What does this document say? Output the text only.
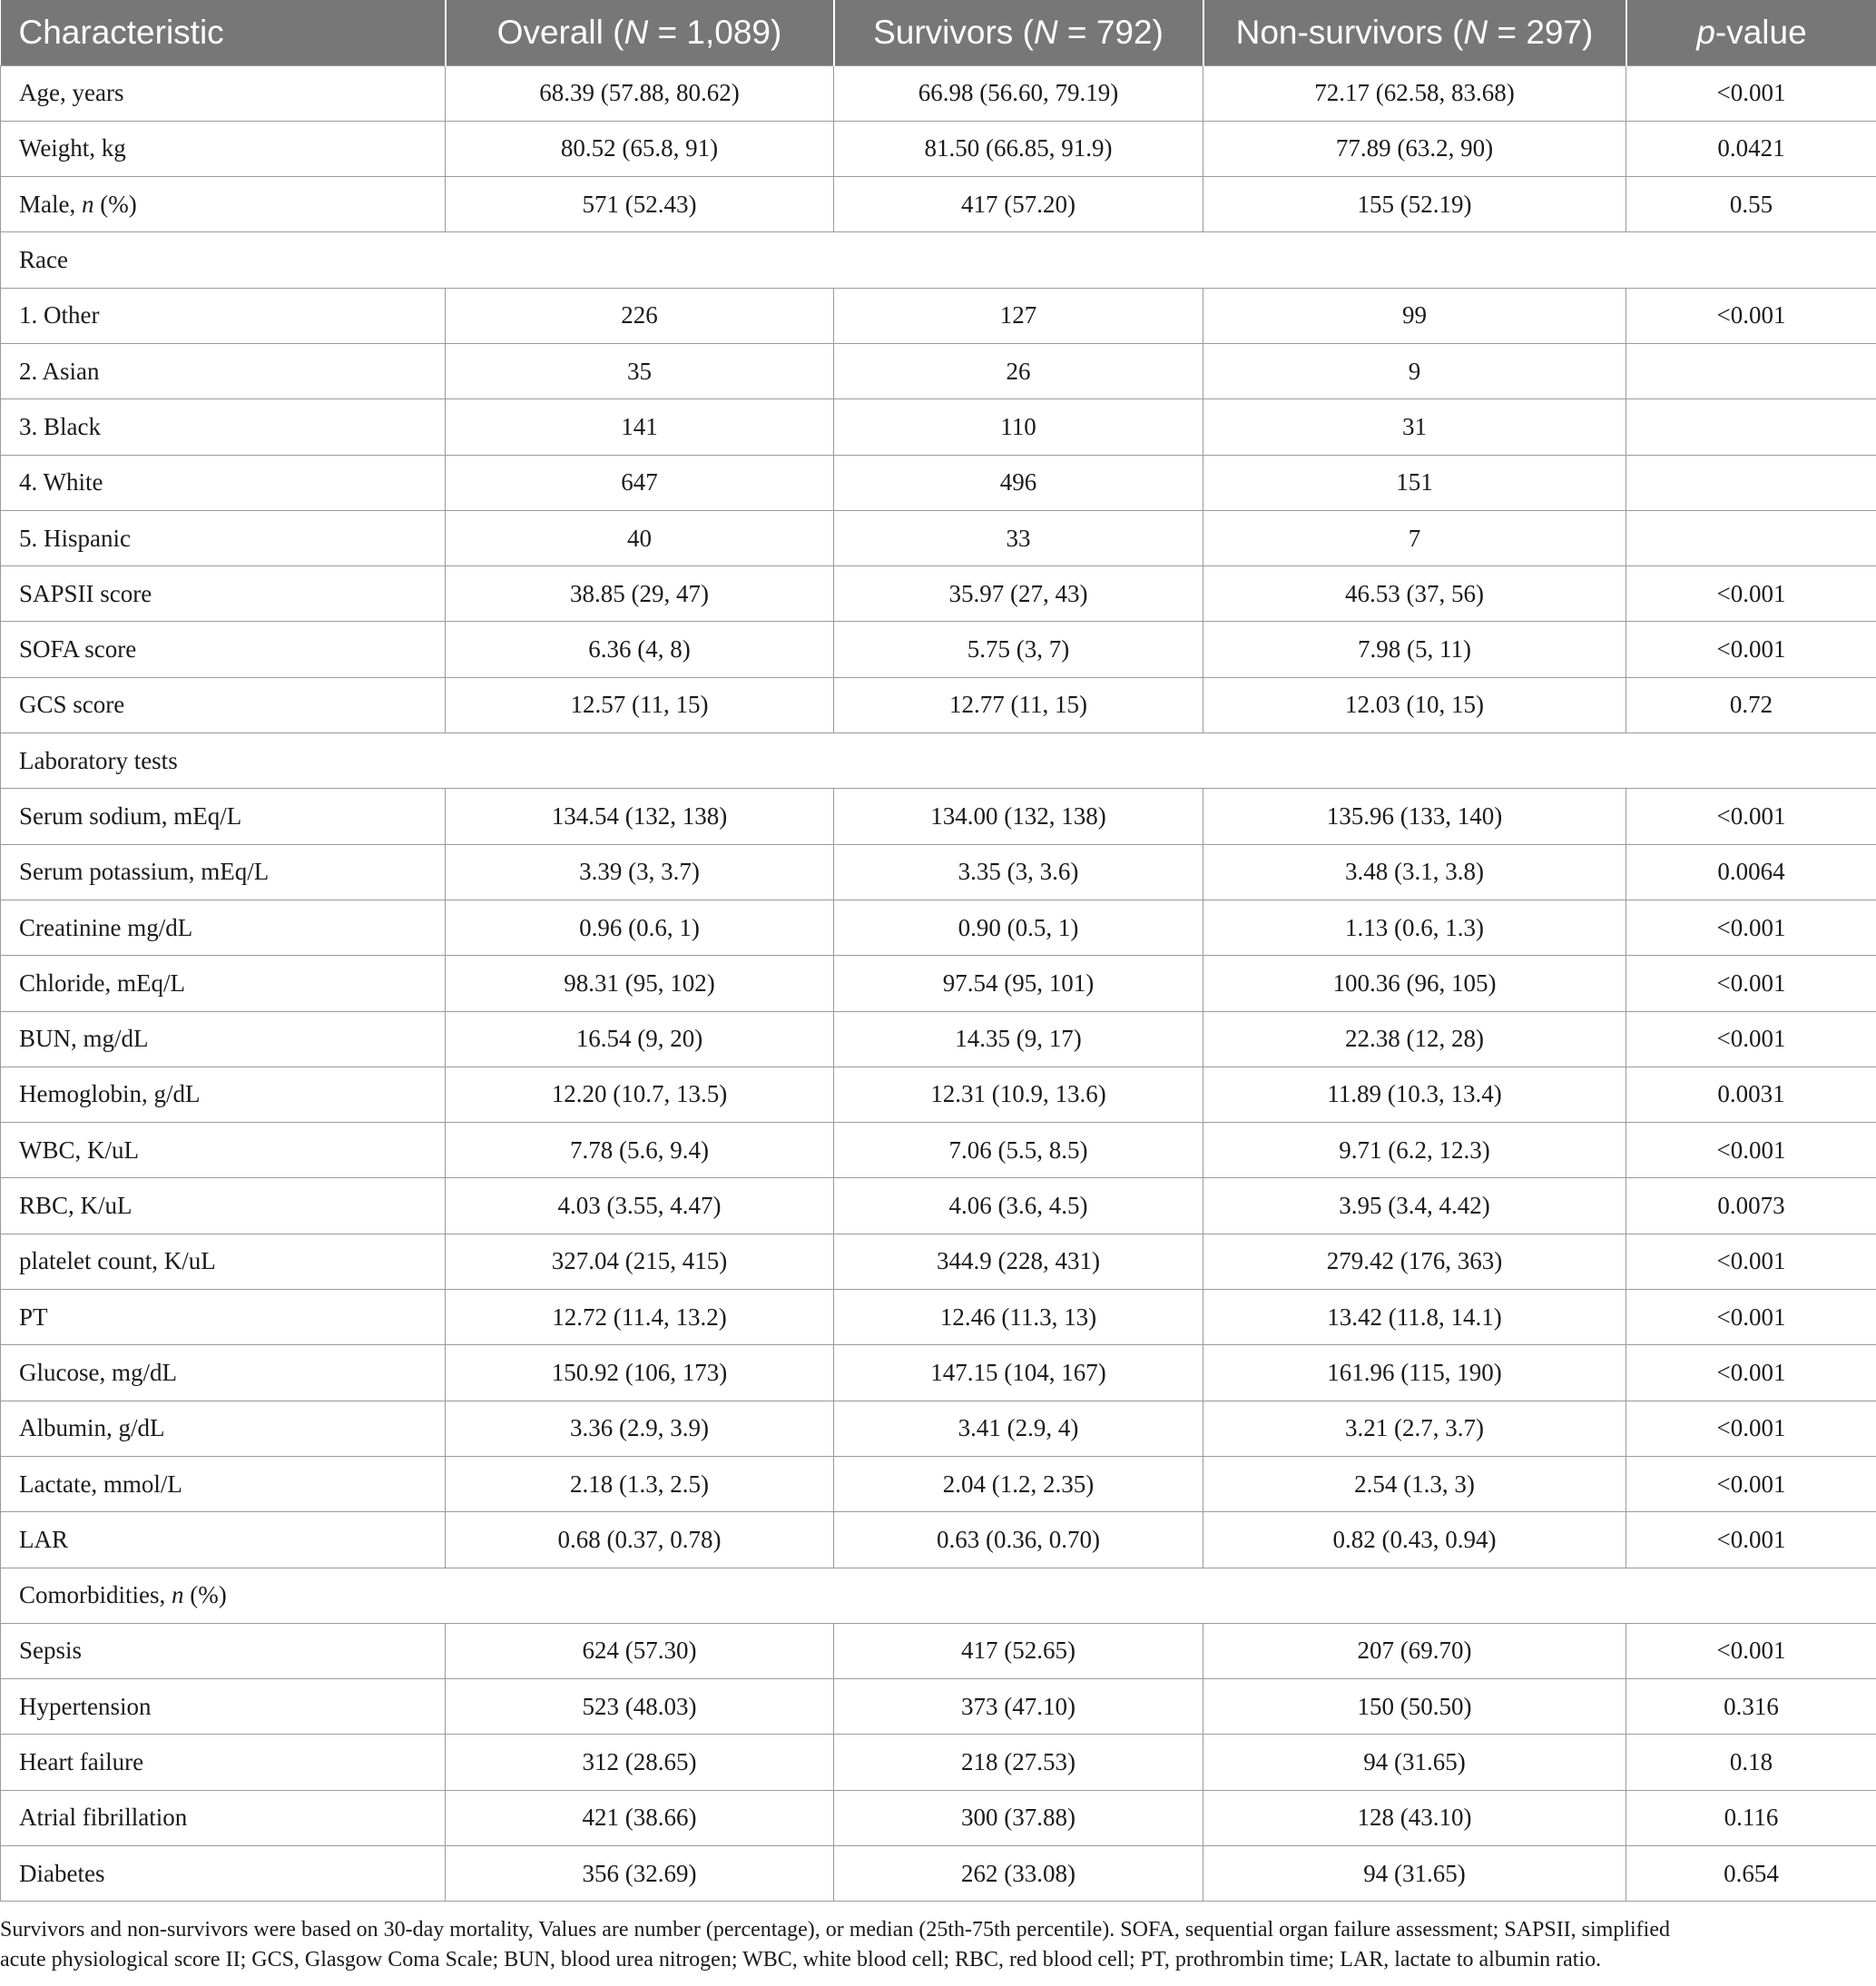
Characteristic	Overall (N = 1,089)	Survivors (N = 792)	Non-survivors (N = 297)	p-value
Age, years	68.39 (57.88, 80.62)	66.98 (56.60, 79.19)	72.17 (62.58, 83.68)	<0.001
Weight, kg	80.52 (65.8, 91)	81.50 (66.85, 91.9)	77.89 (63.2, 90)	0.0421
Male, n (%)	571 (52.43)	417 (57.20)	155 (52.19)	0.55
Race				
1. Other	226	127	99	<0.001
2. Asian	35	26	9	
3. Black	141	110	31	
4. White	647	496	151	
5. Hispanic	40	33	7	
SAPSII score	38.85 (29, 47)	35.97 (27, 43)	46.53 (37, 56)	<0.001
SOFA score	6.36 (4, 8)	5.75 (3, 7)	7.98 (5, 11)	<0.001
GCS score	12.57 (11, 15)	12.77 (11, 15)	12.03 (10, 15)	0.72
Laboratory tests				
Serum sodium, mEq/L	134.54 (132, 138)	134.00 (132, 138)	135.96 (133, 140)	<0.001
Serum potassium, mEq/L	3.39 (3, 3.7)	3.35 (3, 3.6)	3.48 (3.1, 3.8)	0.0064
Creatinine mg/dL	0.96 (0.6, 1)	0.90 (0.5, 1)	1.13 (0.6, 1.3)	<0.001
Chloride, mEq/L	98.31 (95, 102)	97.54 (95, 101)	100.36 (96, 105)	<0.001
BUN, mg/dL	16.54 (9, 20)	14.35 (9, 17)	22.38 (12, 28)	<0.001
Hemoglobin, g/dL	12.20 (10.7, 13.5)	12.31 (10.9, 13.6)	11.89 (10.3, 13.4)	0.0031
WBC, K/uL	7.78 (5.6, 9.4)	7.06 (5.5, 8.5)	9.71 (6.2, 12.3)	<0.001
RBC, K/uL	4.03 (3.55, 4.47)	4.06 (3.6, 4.5)	3.95 (3.4, 4.42)	0.0073
platelet count, K/uL	327.04 (215, 415)	344.9 (228, 431)	279.42 (176, 363)	<0.001
PT	12.72 (11.4, 13.2)	12.46 (11.3, 13)	13.42 (11.8, 14.1)	<0.001
Glucose, mg/dL	150.92 (106, 173)	147.15 (104, 167)	161.96 (115, 190)	<0.001
Albumin, g/dL	3.36 (2.9, 3.9)	3.41 (2.9, 4)	3.21 (2.7, 3.7)	<0.001
Lactate, mmol/L	2.18 (1.3, 2.5)	2.04 (1.2, 2.35)	2.54 (1.3, 3)	<0.001
LAR	0.68 (0.37, 0.78)	0.63 (0.36, 0.70)	0.82 (0.43, 0.94)	<0.001
Comorbidities, n (%)				
Sepsis	624 (57.30)	417 (52.65)	207 (69.70)	<0.001
Hypertension	523 (48.03)	373 (47.10)	150 (50.50)	0.316
Heart failure	312 (28.65)	218 (27.53)	94 (31.65)	0.18
Atrial fibrillation	421 (38.66)	300 (37.88)	128 (43.10)	0.116
Diabetes	356 (32.69)	262 (33.08)	94 (31.65)	0.654
Survivors and non-survivors were based on 30-day mortality, Values are number (percentage), or median (25th-75th percentile). SOFA, sequential organ failure assessment; SAPSII, simplified
acute physiological score II; GCS, Glasgow Coma Scale; BUN, blood urea nitrogen; WBC, white blood cell; RBC, red blood cell; PT, prothrombin time; LAR, lactate to albumin ratio.
